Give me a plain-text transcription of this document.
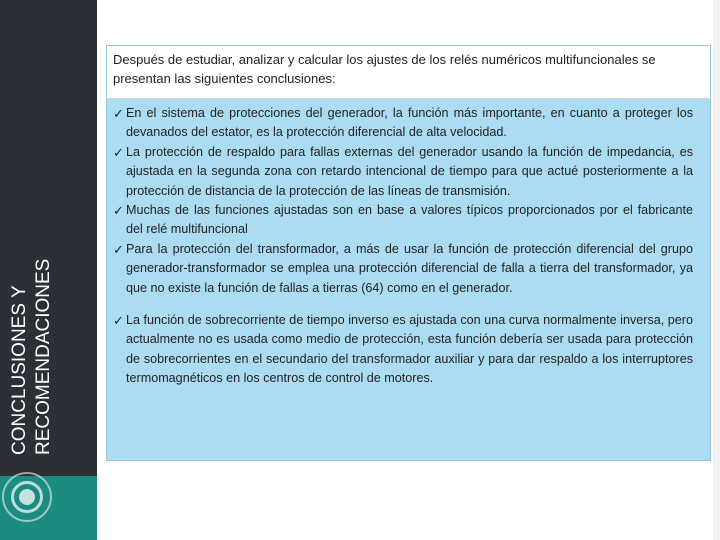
CONCLUSIONES Y RECOMENDACIONES
Después de estudiar, analizar y calcular los ajustes de los relés numéricos multifuncionales se presentan las siguientes conclusiones:
✓ En el sistema de protecciones del generador, la función más importante, en cuanto a proteger los devanados del estator, es la protección diferencial de alta velocidad.
✓ La protección de respaldo para fallas externas del generador usando la función de impedancia, es ajustada en la segunda zona con retardo intencional de tiempo para que actué posteriormente a la protección de distancia de la protección de las líneas de transmisión.
✓ Muchas de las funciones ajustadas son en base a valores típicos proporcionados por el fabricante del relé multifuncional
✓ Para la protección del transformador, a más de usar la función de protección diferencial del grupo generador-transformador se emplea una protección diferencial de falla a tierra del transformador, ya que no existe la función de fallas a tierras (64) como en el generador.
✓ La función de sobrecorriente de tiempo inverso es ajustada con una curva normalmente inversa, pero actualmente no es usada como medio de protección, esta función debería ser usada para protección de sobrecorrientes en el secundario del transformador auxiliar y para dar respaldo a los interruptores termomagnéticos en los centros de control de motores.
